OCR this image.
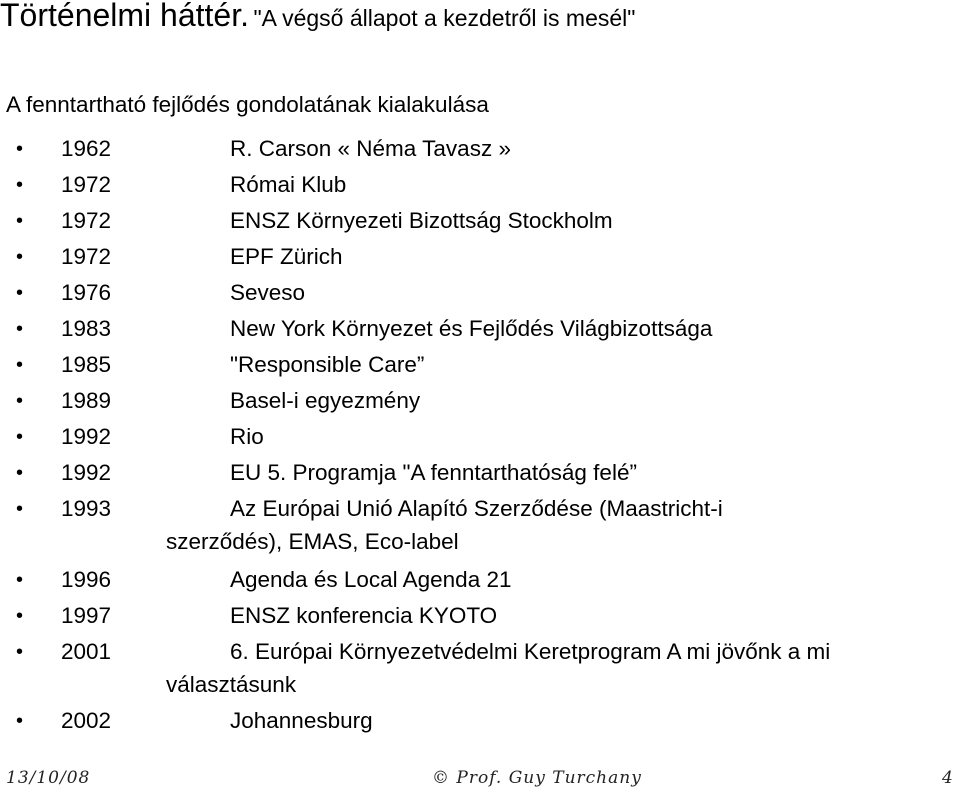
Történelmi háttér. "A végső állapot a kezdetről is mesél"
A fenntartható fejlődés gondolatának kialakulása
• 1962	R. Carson « Néma Tavasz »
• 1972	Római Klub
• 1972	ENSZ Környezeti Bizottság Stockholm
• 1972	EPF Zürich
• 1976	Seveso
• 1983	New York Környezet és Fejlődés Világbizottsága
• 1985	"Responsible Care”
• 1989	Basel-i egyezmény
• 1992	Rio
• 1992	EU 5. Programja "A fenntarthatóság felé”
• 1993	Az Európai Unió Alapító Szerződése (Maastricht-i
szerződés), EMAS, Eco-label
• 1996	Agenda és Local Agenda 21
• 1997	ENSZ konferencia KYOTO
• 2001	6. Európai Környezetvédelmi Keretprogram A mi jövőnk a mi
választásunk
• 2002	Johannesburg
13/10/08	© Prof. Guy Turchany	4
